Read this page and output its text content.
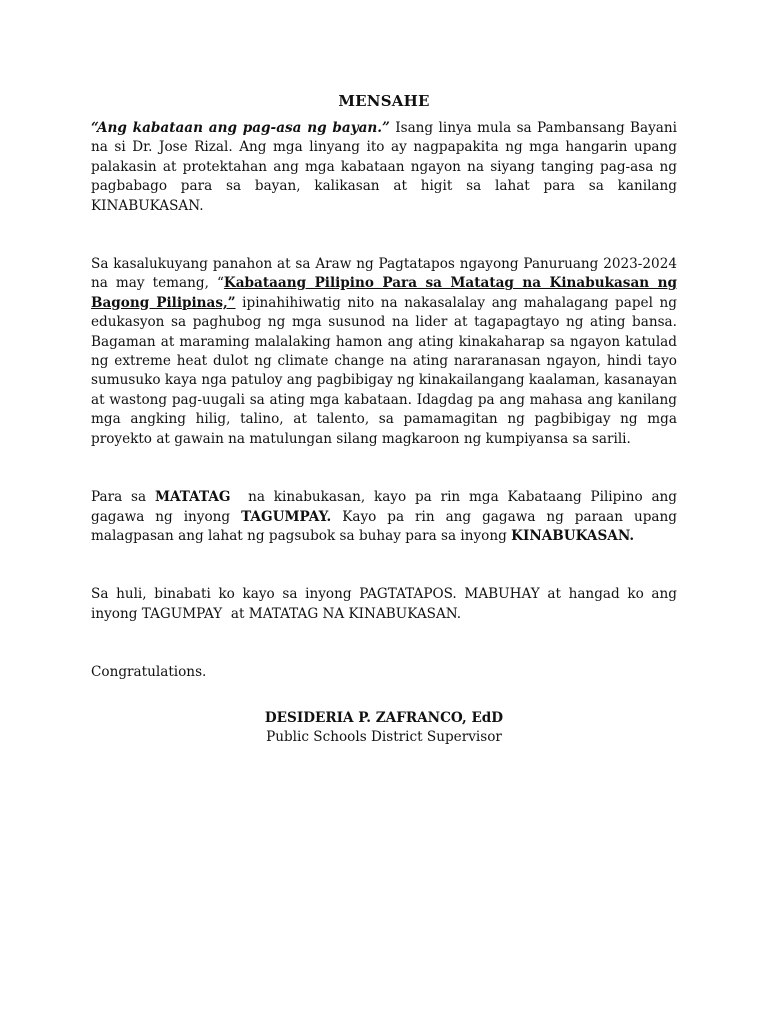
MENSAHE

“Ang kabataan ang pag-asa ng bayan.” Isang linya mula sa Pambansang Bayani na si Dr. Jose Rizal. Ang mga linyang ito ay nagpapakita ng mga hangarin upang palakasin at protektahan ang mga kabataan ngayon na siyang tanging pag-asa ng pagbabago para sa bayan, kalikasan at higit sa lahat para sa kanilang KINABUKASAN.

Sa kasalukuyang panahon at sa Araw ng Pagtatapos ngayong Panuruang 2023-2024 na may temang, “Kabataang Pilipino Para sa Matatag na Kinabukasan ng Bagong Pilipinas,” ipinahihiwatig nito na nakasalalay ang mahalagang papel ng edukasyon sa paghubog ng mga susunod na lider at tagapagtayo ng ating bansa. Bagaman at maraming malalaking hamon ang ating kinakaharap sa ngayon katulad ng extreme heat dulot ng climate change na ating nararanasan ngayon, hindi tayo sumusuko kaya nga patuloy ang pagbibigay ng kinakailangang kaalaman, kasanayan at wastong pag-uugali sa ating mga kabataan. Idagdag pa ang mahasa ang kanilang mga angking hilig, talino, at talento, sa pamamagitan ng pagbibigay ng mga proyekto at gawain na matulungan silang magkaroon ng kumpiyansa sa sarili.

Para sa MATATAG  na kinabukasan, kayo pa rin mga Kabataang Pilipino ang gagawa ng inyong TAGUMPAY. Kayo pa rin ang gagawa ng paraan upang malagpasan ang lahat ng pagsubok sa buhay para sa inyong KINABUKASAN.

Sa huli, binabati ko kayo sa inyong PAGTATAPOS. MABUHAY at hangad ko ang inyong TAGUMPAY  at MATATAG NA KINABUKASAN.

Congratulations.

DESIDERIA P. ZAFRANCO, EdD
Public Schools District Supervisor
